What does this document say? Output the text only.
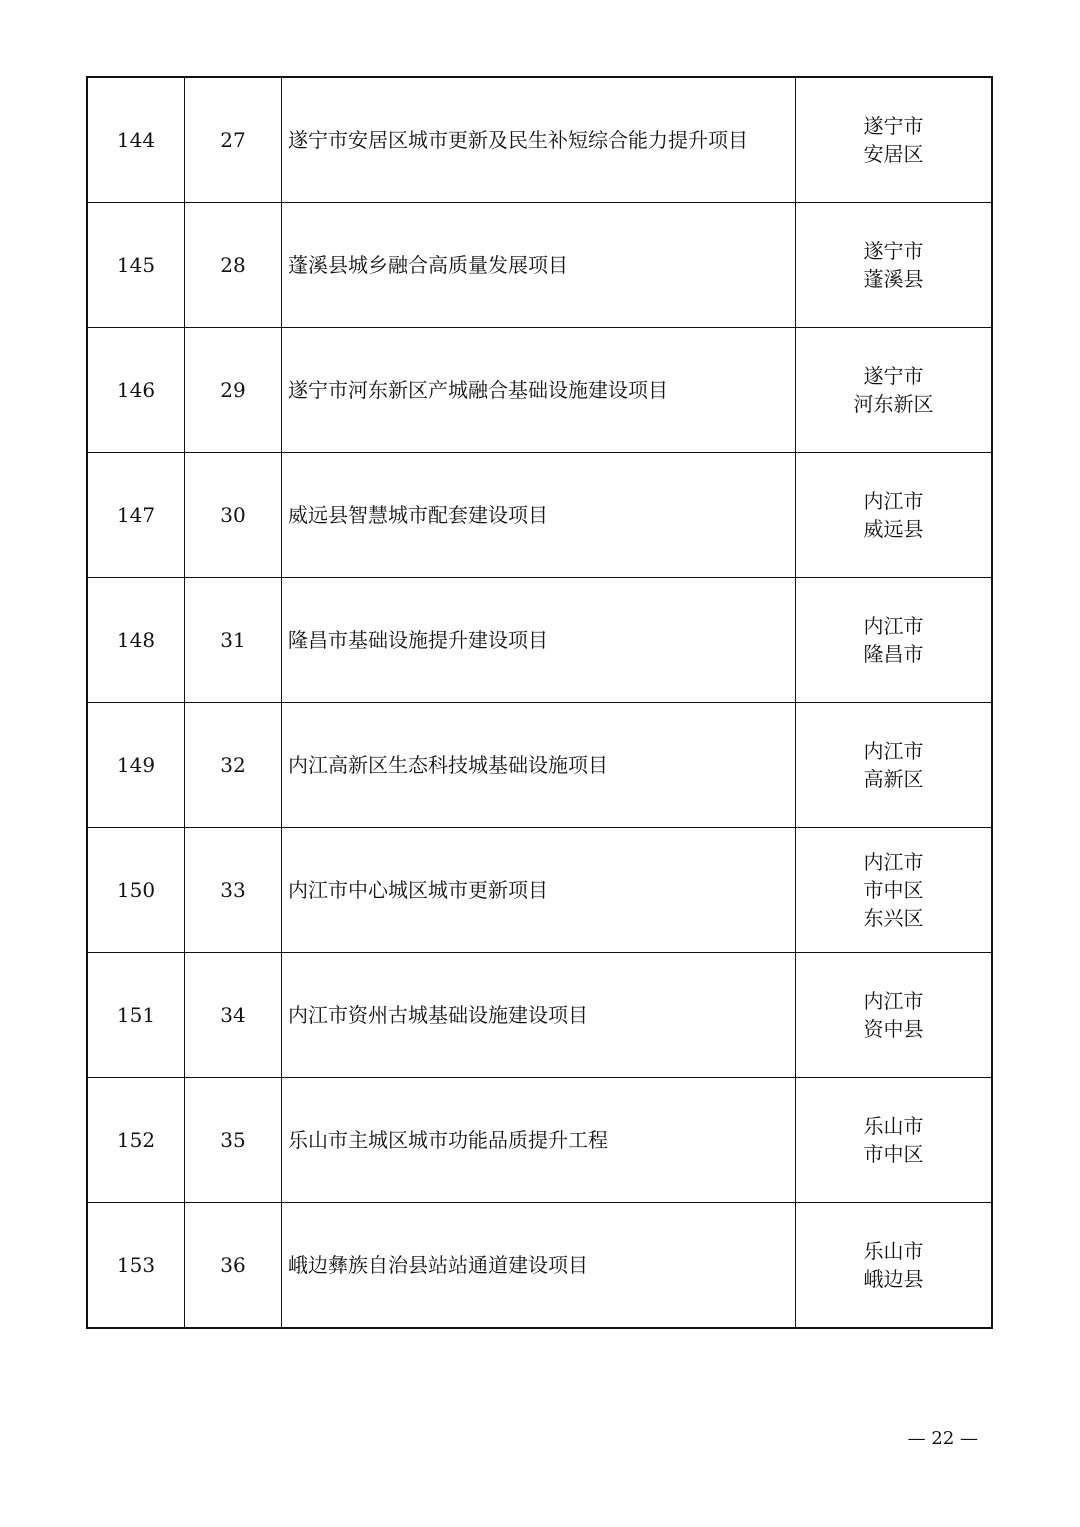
144	27	遂宁市安居区城市更新及民生补短综合能力提升项目	遂宁市
安居区

145	28	蓬溪县城乡融合高质量发展项目	遂宁市
蓬溪县

146	29	遂宁市河东新区产城融合基础设施建设项目	遂宁市
河东新区

147	30	威远县智慧城市配套建设项目	内江市
威远县

148	31	隆昌市基础设施提升建设项目	内江市
隆昌市

149	32	内江高新区生态科技城基础设施项目	内江市
高新区

150	33	内江市中心城区城市更新项目	内江市
市中区
东兴区

151	34	内江市资州古城基础设施建设项目	内江市
资中县

152	35	乐山市主城区城市功能品质提升工程	乐山市
市中区

153	36	峨边彝族自治县站站通道建设项目	乐山市
峨边县
— 22 —
